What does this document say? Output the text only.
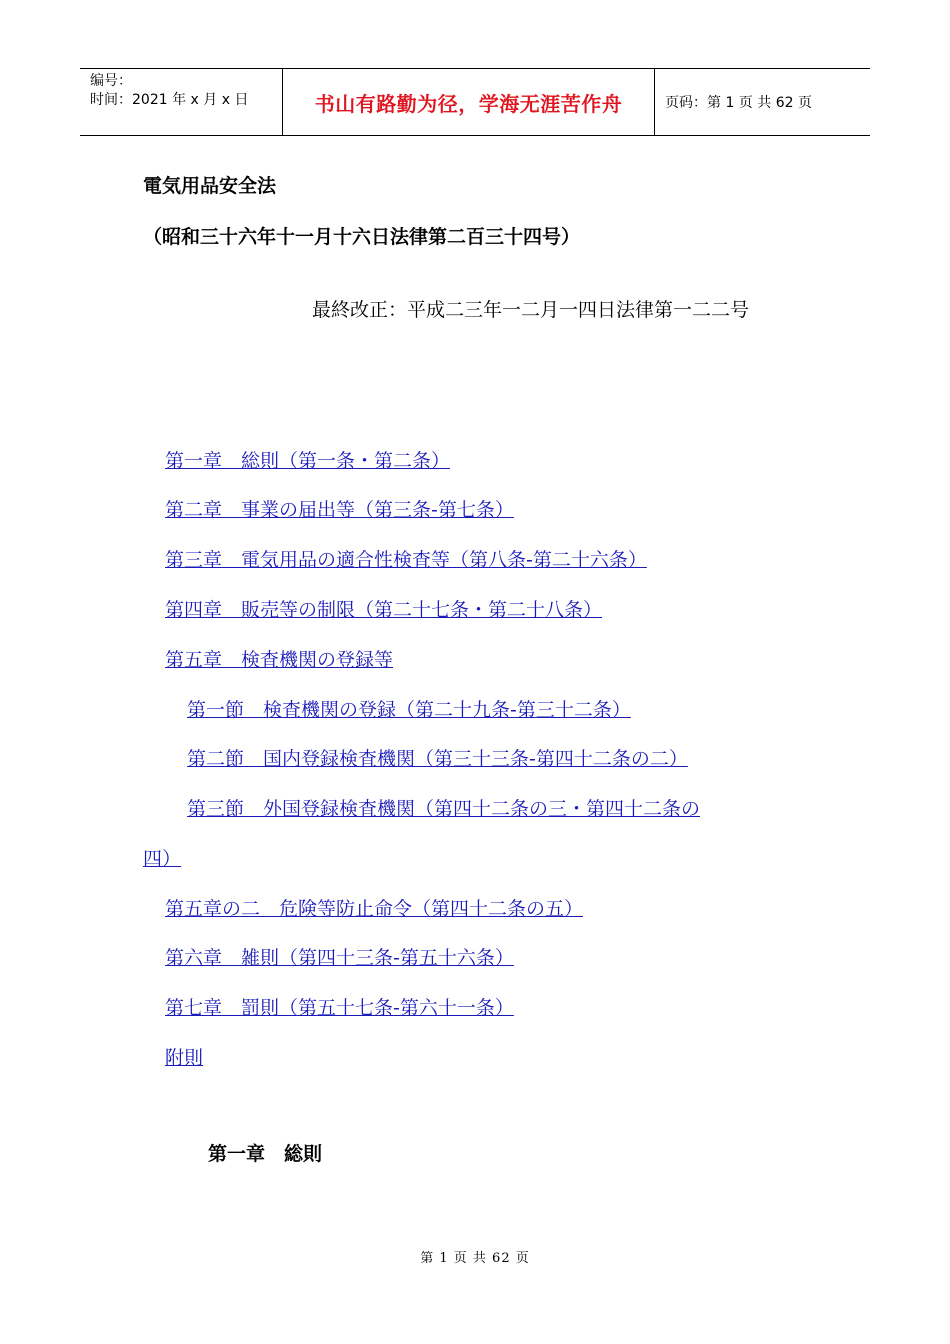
编号：
时间：2021 年 x 月 x 日	书山有路勤为径，学海无涯苦作舟	页码：第 1 页 共 62 页
電気用品安全法
（昭和三十六年十一月十六日法律第二百三十四号）
最終改正：平成二三年一二月一四日法律第一二二号
第一章　総則（第一条・第二条）
第二章　事業の届出等（第三条‐第七条）
第三章　電気用品の適合性検査等（第八条‐第二十六条）
第四章　販売等の制限（第二十七条・第二十八条）
第五章　検査機関の登録等
第一節　検査機関の登録（第二十九条‐第三十二条）
第二節　国内登録検査機関（第三十三条‐第四十二条の二）
第三節　外国登録検査機関（第四十二条の三・第四十二条の
四）
第五章の二　危険等防止命令（第四十二条の五）
第六章　雑則（第四十三条‐第五十六条）
第七章　罰則（第五十七条‐第六十一条）
附則
第一章　総則
第 1 页 共 62 页
